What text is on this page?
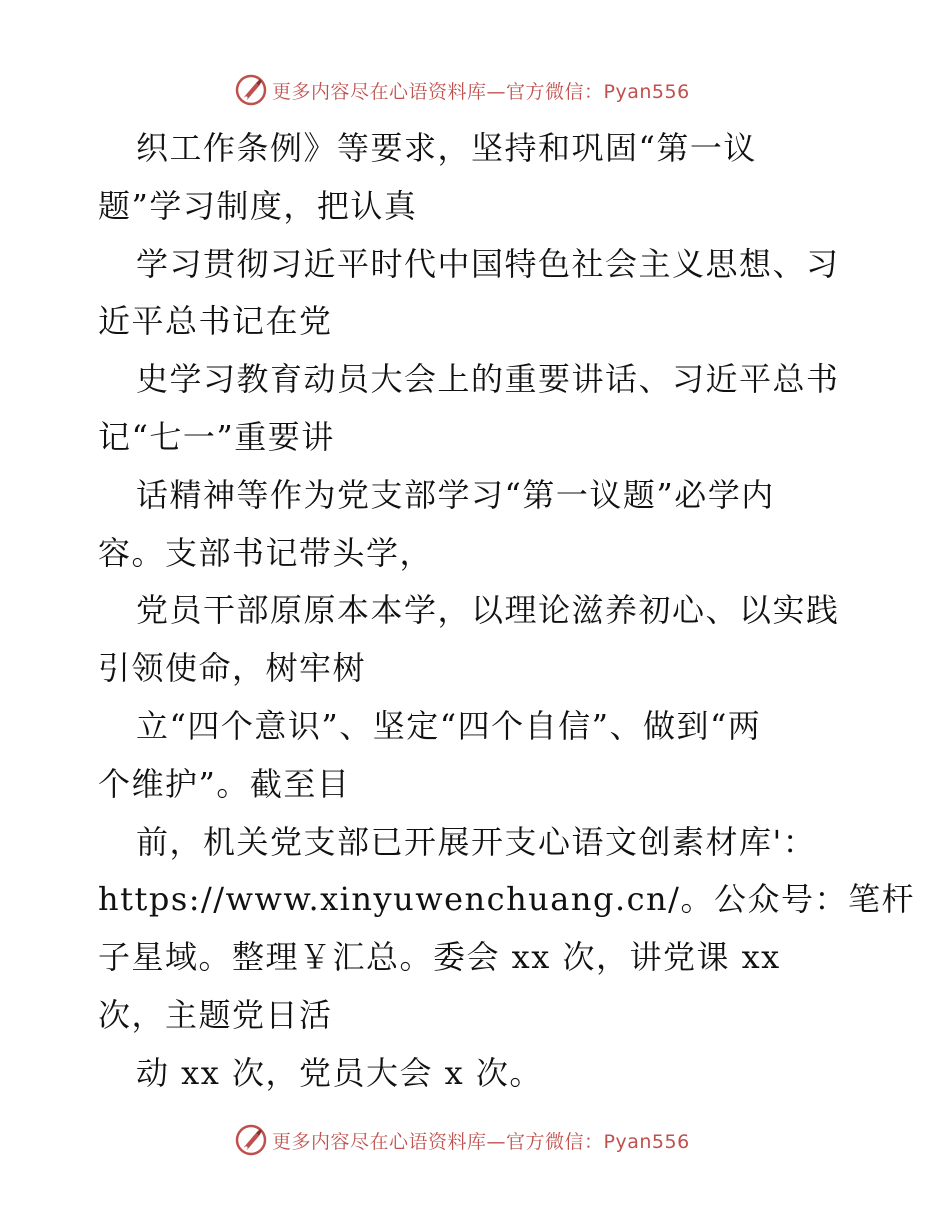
更多内容尽在心语资料库—官方微信：Pyan556
织工作条例》等要求，坚持和巩固“第一议
题”学习制度，把认真
学习贯彻习近平时代中国特色社会主义思想、习
近平总书记在党
史学习教育动员大会上的重要讲话、习近平总书
记“七一”重要讲
话精神等作为党支部学习“第一议题”必学内
容。支部书记带头学，
党员干部原原本本学，以理论滋养初心、以实践
引领使命，树牢树
立“四个意识”、坚定“四个自信”、做到“两
个维护”。截至目
前，机关党支部已开展开支心语文创素材库'：
https://www.xinyuwenchuang.cn/。公众号：笔杆
子星域。整理￥汇总。委会 xx 次，讲党课 xx
次，主题党日活
动 xx 次，党员大会 x 次。
更多内容尽在心语资料库—官方微信：Pyan556
